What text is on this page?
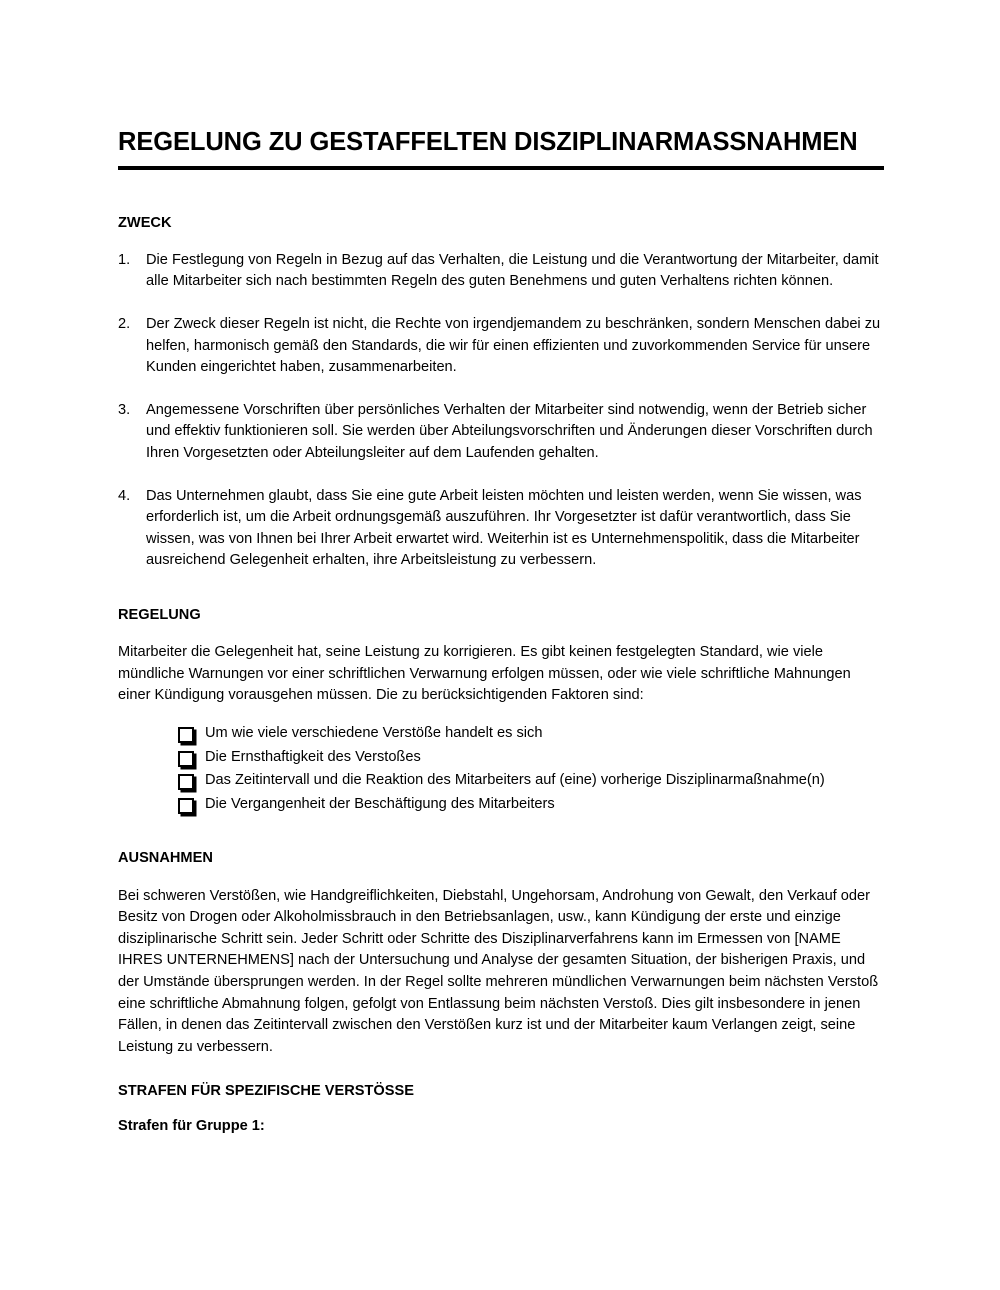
REGELUNG ZU GESTAFFELTEN DISZIPLINARMASSNAHMEN
ZWECK
1.	Die Festlegung von Regeln in Bezug auf das Verhalten, die Leistung und die Verantwortung der Mitarbeiter, damit alle Mitarbeiter sich nach bestimmten Regeln des guten Benehmens und guten Verhaltens richten können.
2.	Der Zweck dieser Regeln ist nicht, die Rechte von irgendjemandem zu beschränken, sondern Menschen dabei zu helfen, harmonisch gemäß den Standards, die wir für einen effizienten und zuvorkommenden Service für unsere Kunden eingerichtet haben, zusammenarbeiten.
3.	Angemessene Vorschriften über persönliches Verhalten der Mitarbeiter sind notwendig, wenn der Betrieb sicher und effektiv funktionieren soll. Sie werden über Abteilungsvorschriften und Änderungen dieser Vorschriften durch Ihren Vorgesetzten oder Abteilungsleiter auf dem Laufenden gehalten.
4.	Das Unternehmen glaubt, dass Sie eine gute Arbeit leisten möchten und leisten werden, wenn Sie wissen, was erforderlich ist, um die Arbeit ordnungsgemäß auszuführen. Ihr Vorgesetzter ist dafür verantwortlich, dass Sie wissen, was von Ihnen bei Ihrer Arbeit erwartet wird. Weiterhin ist es Unternehmenspolitik, dass die Mitarbeiter ausreichend Gelegenheit erhalten, ihre Arbeitsleistung zu verbessern.
REGELUNG

Mitarbeiter die Gelegenheit hat, seine Leistung zu korrigieren. Es gibt keinen festgelegten Standard, wie viele mündliche Warnungen vor einer schriftlichen Verwarnung erfolgen müssen, oder wie viele schriftliche Mahnungen einer Kündigung vorausgehen müssen. Die zu berücksichtigenden Faktoren sind:

Um wie viele verschiedene Verstöße handelt es sich
Die Ernsthaftigkeit des Verstoßes
Das Zeitintervall und die Reaktion des Mitarbeiters auf (eine) vorherige Disziplinarmaßnahme(n)
Die Vergangenheit der Beschäftigung des Mitarbeiters
AUSNAHMEN

Bei schweren Verstößen, wie Handgreiflichkeiten, Diebstahl, Ungehorsam, Androhung von Gewalt, den Verkauf oder Besitz von Drogen oder Alkoholmissbrauch in den Betriebsanlagen, usw., kann Kündigung der erste und einzige disziplinarische Schritt sein. Jeder Schritt oder Schritte des Disziplinarverfahrens kann im Ermessen von [NAME IHRES UNTERNEHMENS] nach der Untersuchung und Analyse der gesamten Situation, der bisherigen Praxis, und der Umstände übersprungen werden. In der Regel sollte mehreren mündlichen Verwarnungen beim nächsten Verstoß eine schriftliche Abmahnung folgen, gefolgt von Entlassung beim nächsten Verstoß. Dies gilt insbesondere in jenen Fällen, in denen das Zeitintervall zwischen den Verstößen kurz ist und der Mitarbeiter kaum Verlangen zeigt, seine Leistung zu verbessern.

STRAFEN FÜR SPEZIFISCHE VERSTÖSSE
Strafen für Gruppe 1:
